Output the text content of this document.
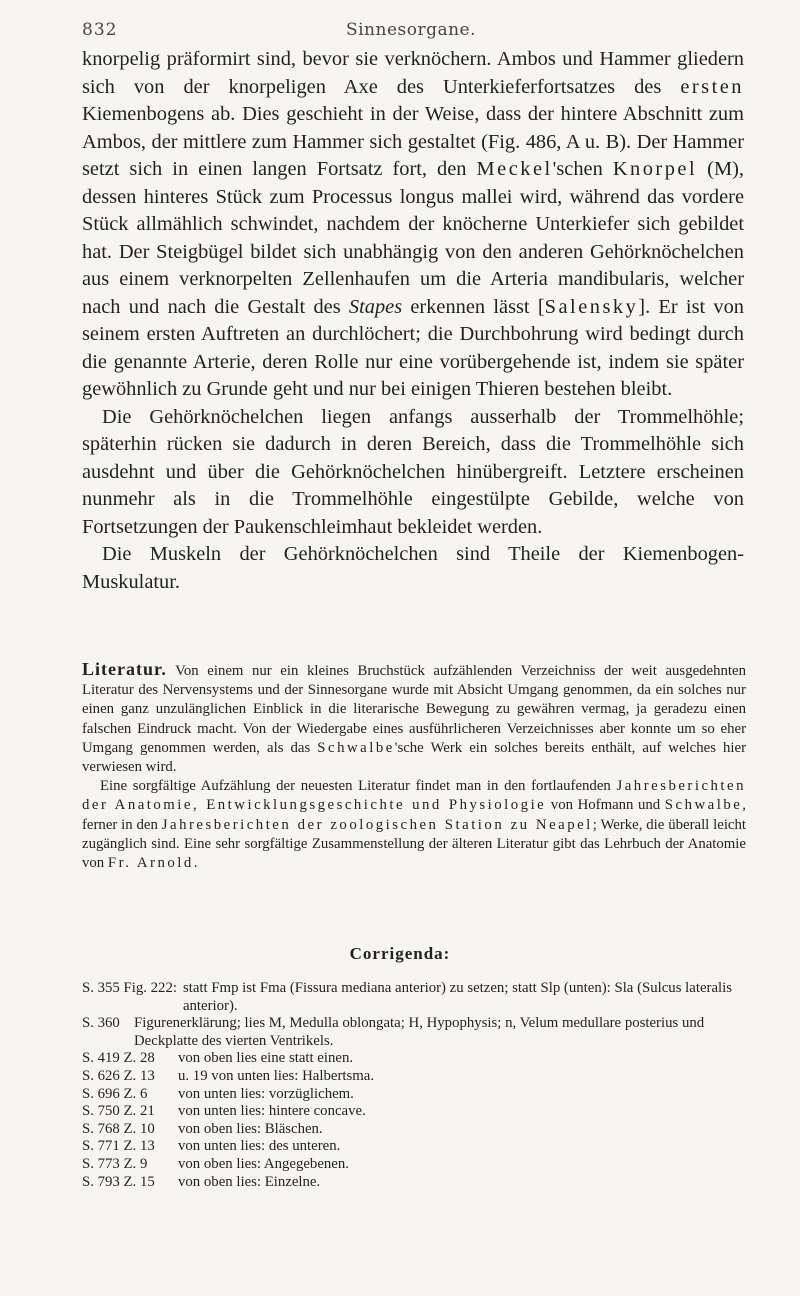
832	Sinnesorgane.

knorpelig präformirt sind, bevor sie verknöchern. Ambos und Hammer gliedern sich von der knorpeligen Axe des Unterkieferfortsatzes des ersten Kiemenbogens ab. Dies geschieht in der Weise, dass der hintere Abschnitt zum Ambos, der mittlere zum Hammer sich gestaltet (Fig. 486, A u. B). Der Hammer setzt sich in einen langen Fortsatz fort, den Meckel'schen Knorpel (M), dessen hinteres Stück zum Processus longus mallei wird, während das vordere Stück allmählich schwindet, nachdem der knöcherne Unterkiefer sich gebildet hat. Der Steigbügel bildet sich unabhängig von den anderen Gehörknöchelchen aus einem verknorpelten Zellenhaufen um die Arteria mandibularis, welcher nach und nach die Gestalt des Stapes erkennen lässt [Salensky]. Er ist von seinem ersten Auftreten an durchlöchert; die Durchbohrung wird bedingt durch die genannte Arterie, deren Rolle nur eine vorübergehende ist, indem sie später gewöhnlich zu Grunde geht und nur bei einigen Thieren bestehen bleibt.

Die Gehörknöchelchen liegen anfangs ausserhalb der Trommelhöhle; späterhin rücken sie dadurch in deren Bereich, dass die Trommelhöhle sich ausdehnt und über die Gehörknöchelchen hinübergreift. Letztere erscheinen nunmehr als in die Trommelhöhle eingestülpte Gebilde, welche von Fortsetzungen der Paukenschleimhaut bekleidet werden.

Die Muskeln der Gehörknöchelchen sind Theile der Kiemenbogen-Muskulatur.

Literatur. Von einem nur ein kleines Bruchstück aufzählenden Verzeichniss der weit ausgedehnten Literatur des Nervensystems und der Sinnesorgane wurde mit Absicht Umgang genommen, da ein solches nur einen ganz unzulänglichen Einblick in die literarische Bewegung zu gewähren vermag, ja geradezu einen falschen Eindruck macht. Von der Wiedergabe eines ausführlicheren Verzeichnisses aber konnte um so eher Umgang genommen werden, als das Schwalbe'sche Werk ein solches bereits enthält, auf welches hier verwiesen wird.

Eine sorgfältige Aufzählung der neuesten Literatur findet man in den fortlaufenden Jahresberichten der Anatomie, Entwicklungsgeschichte und Physiologie von Hofmann und Schwalbe, ferner in den Jahresberichten der zoologischen Station zu Neapel; Werke, die überall leicht zugänglich sind. Eine sehr sorgfältige Zusammenstellung der älteren Literatur gibt das Lehrbuch der Anatomie von Fr. Arnold.

Corrigenda:
S. 355 Fig. 222: statt Fmp ist Fma (Fissura mediana anterior) zu setzen; statt Slp (unten): Sla (Sulcus lateralis anterior).
S. 360 Figurenerklärung; lies M, Medulla oblongata; H, Hypophysis; n, Velum medullare posterius und Deckplatte des vierten Ventrikels.
S. 419 Z. 28	von oben lies eine statt einen.
S. 626 Z. 13	u. 19 von unten lies: Halbertsma.
S. 696 Z. 6	von unten lies: vorzüglichem.
S. 750 Z. 21	von unten lies: hintere concave.
S. 768 Z. 10	von oben lies: Bläschen.
S. 771 Z. 13	von unten lies: des unteren.
S. 773 Z. 9	von oben lies: Angegebenen.
S. 793 Z. 15	von oben lies: Einzelne.
